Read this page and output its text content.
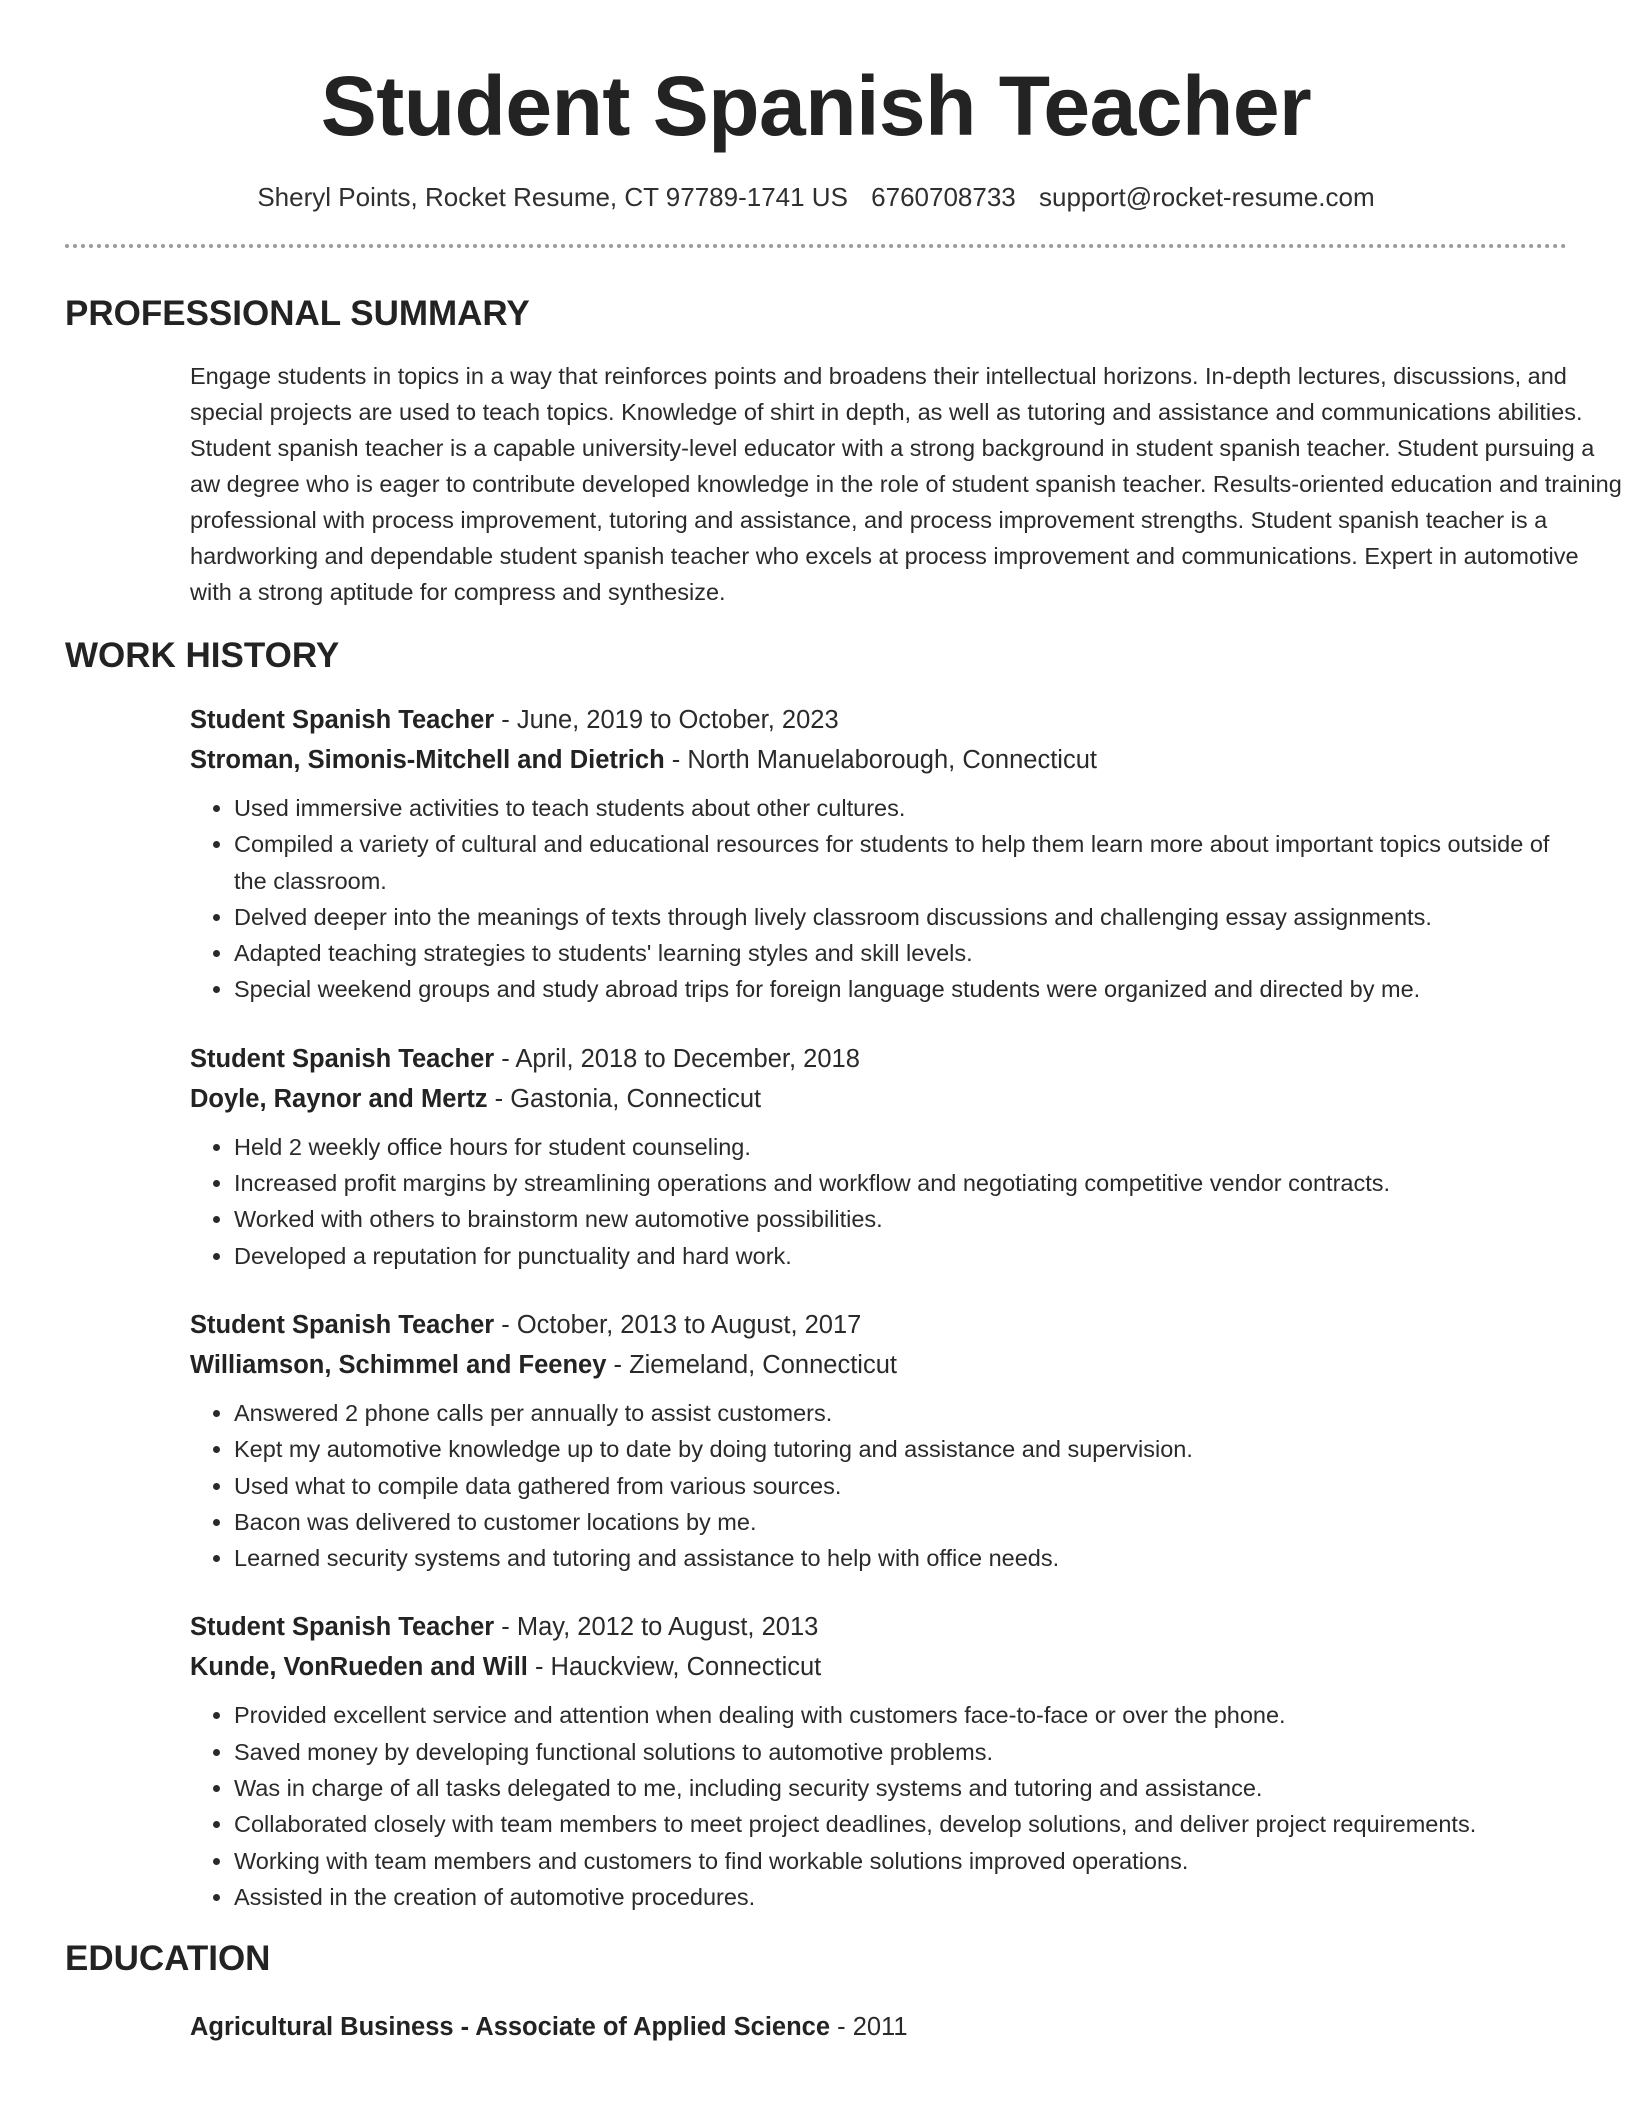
Student Spanish Teacher
Sheryl Points, Rocket Resume, CT 97789-1741 US 6760708733 support@rocket-resume.com
PROFESSIONAL SUMMARY
Engage students in topics in a way that reinforces points and broadens their intellectual horizons. In-depth lectures, discussions, and special projects are used to teach topics. Knowledge of shirt in depth, as well as tutoring and assistance and communications abilities. Student spanish teacher is a capable university-level educator with a strong background in student spanish teacher. Student pursuing a aw degree who is eager to contribute developed knowledge in the role of student spanish teacher. Results-oriented education and training professional with process improvement, tutoring and assistance, and process improvement strengths. Student spanish teacher is a hardworking and dependable student spanish teacher who excels at process improvement and communications. Expert in automotive with a strong aptitude for compress and synthesize.
WORK HISTORY
Student Spanish Teacher - June, 2019 to October, 2023
Stroman, Simonis-Mitchell and Dietrich - North Manuelaborough, Connecticut
• Used immersive activities to teach students about other cultures.
• Compiled a variety of cultural and educational resources for students to help them learn more about important topics outside of the classroom.
• Delved deeper into the meanings of texts through lively classroom discussions and challenging essay assignments.
• Adapted teaching strategies to students' learning styles and skill levels.
• Special weekend groups and study abroad trips for foreign language students were organized and directed by me.
Student Spanish Teacher - April, 2018 to December, 2018
Doyle, Raynor and Mertz - Gastonia, Connecticut
• Held 2 weekly office hours for student counseling.
• Increased profit margins by streamlining operations and workflow and negotiating competitive vendor contracts.
• Worked with others to brainstorm new automotive possibilities.
• Developed a reputation for punctuality and hard work.
Student Spanish Teacher - October, 2013 to August, 2017
Williamson, Schimmel and Feeney - Ziemeland, Connecticut
• Answered 2 phone calls per annually to assist customers.
• Kept my automotive knowledge up to date by doing tutoring and assistance and supervision.
• Used what to compile data gathered from various sources.
• Bacon was delivered to customer locations by me.
• Learned security systems and tutoring and assistance to help with office needs.
Student Spanish Teacher - May, 2012 to August, 2013
Kunde, VonRueden and Will - Hauckview, Connecticut
• Provided excellent service and attention when dealing with customers face-to-face or over the phone.
• Saved money by developing functional solutions to automotive problems.
• Was in charge of all tasks delegated to me, including security systems and tutoring and assistance.
• Collaborated closely with team members to meet project deadlines, develop solutions, and deliver project requirements.
• Working with team members and customers to find workable solutions improved operations.
• Assisted in the creation of automotive procedures.
EDUCATION
Agricultural Business - Associate of Applied Science - 2011
